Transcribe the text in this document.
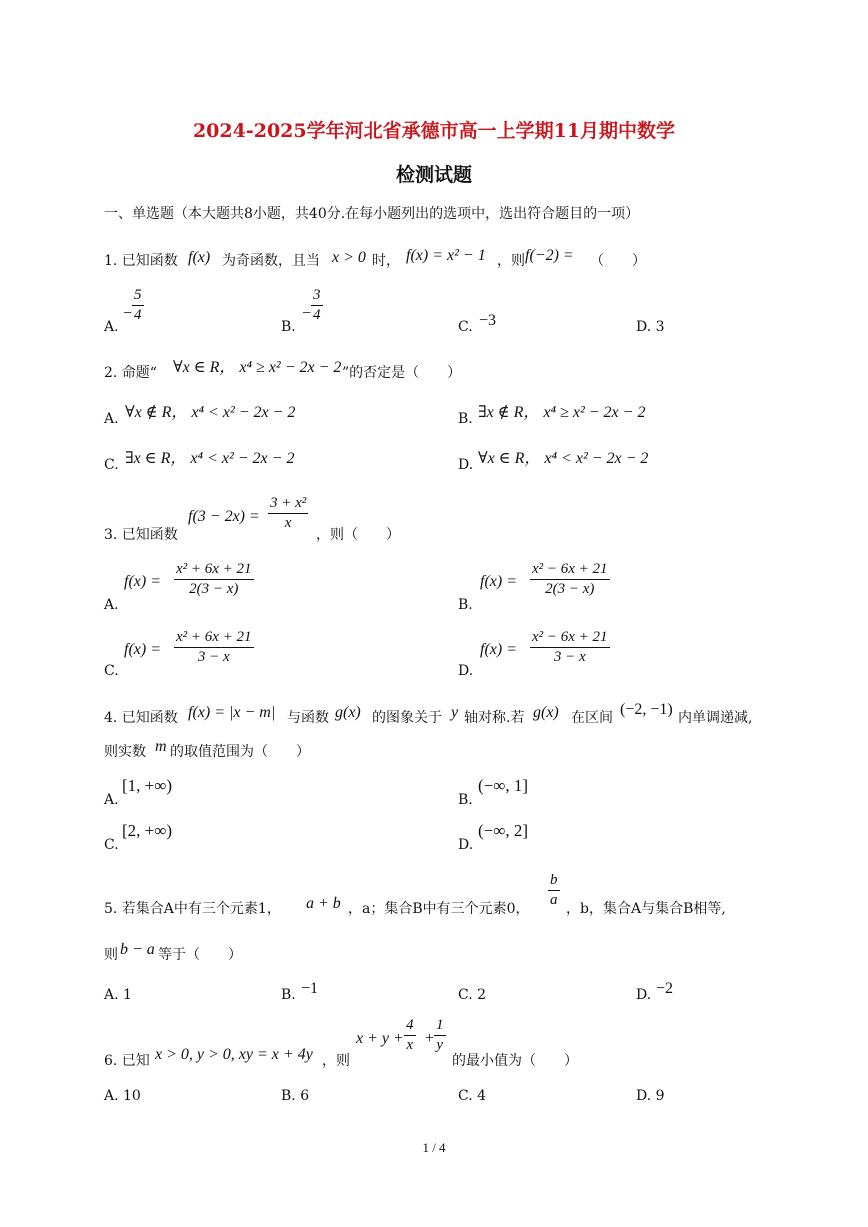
2024-2025学年河北省承德市高一上学期11月期中数学
检测试题
一、单选题（本大题共8小题，共40分.在每小题列出的选项中，选出符合题目的一项）
1. 已知函数 f(x) 为奇函数，且当 x > 0 时， f(x) = x² − 1 ，则 f(−2) = （　　）
A.
− $\frac{5}{4}$
B.
− $\frac{3}{4}$
C. −3	D. 3
2. 命题“ ∀x ∈ R， x⁴ ≥ x² − 2x − 2 ”的否定是（　　）
A. ∀x ∉ R， x⁴ < x² − 2x − 2	B. ∃x ∉ R， x⁴ ≥ x² − 2x − 2
C. ∃x ∈ R， x⁴ < x² − 2x − 2	D. ∀x ∈ R， x⁴ < x² − 2x − 2
3. 已知函数
$f(3 - 2x) = \frac{\text{3 + x²}}{x}$
，则（　　）
A.
$f(x) = \frac{\text{x² + 6x + 21}}{2(3 - x)}$
B.
$f(x) = \frac{\text{x² − 6x + 21}}{2(3 - x)}$
C.
$f(x) = \frac{\text{x² + 6x + 21}}{3 - x}$
D.
$f(x) = \frac{\text{x² − 6x + 21}}{3 - x}$
4. 已知函数 f(x) = |x − m| 与函数 g(x) 的图象关于 y 轴对称.若 g(x) 在区间 (−2, −1) 内单调递减,
则实数 m 的取值范围为（　　）
A.
[1, +∞)
B.
(−∞, 1]
C.
[2, +∞)
D.
(−∞, 2]
5. 若集合A中有三个元素1， a + b ，a；集合B中有三个元素0， $\frac{b}{a}$ ，b，集合A与集合B相等,
则 b − a 等于（　　）
A. 1	B. −1	C. 2	D. −2
6. 已知 x > 0, y > 0, xy = x + 4y ，则
$x + y + \frac{4}{x} + \frac{1}{y}$
的最小值为（　　）
A. 10	B. 6	C. 4	D. 9
1 / 4
